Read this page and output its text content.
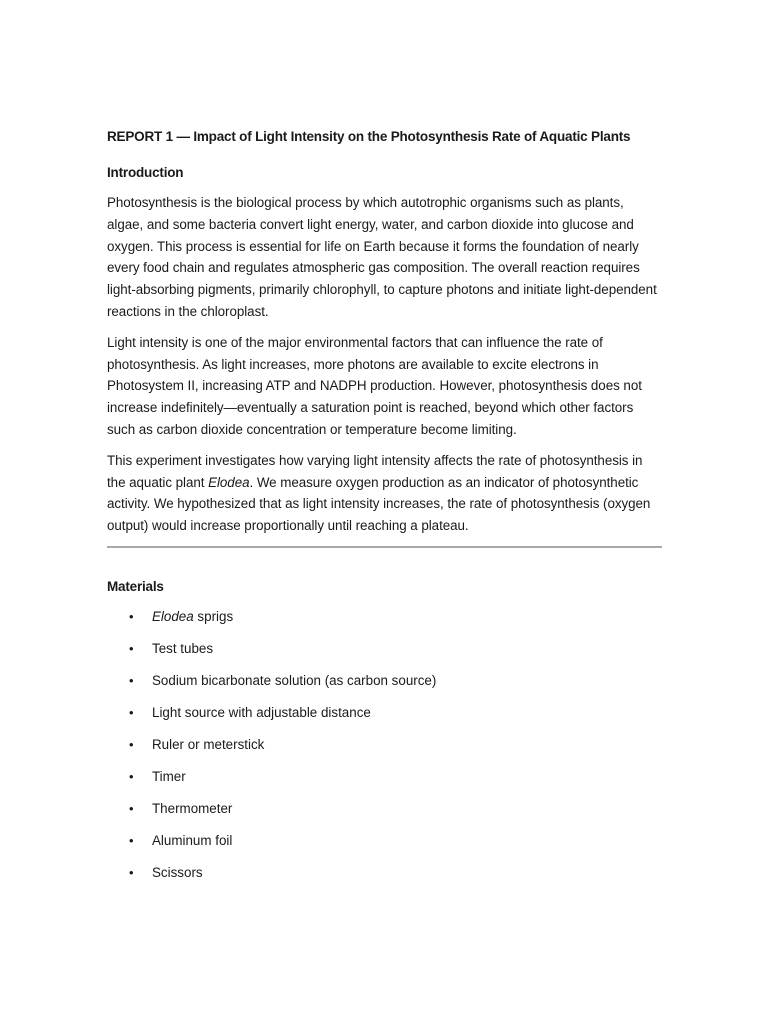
REPORT 1 — Impact of Light Intensity on the Photosynthesis Rate of Aquatic Plants
Introduction

Photosynthesis is the biological process by which autotrophic organisms such as plants, algae, and some bacteria convert light energy, water, and carbon dioxide into glucose and oxygen. This process is essential for life on Earth because it forms the foundation of nearly every food chain and regulates atmospheric gas composition. The overall reaction requires light-absorbing pigments, primarily chlorophyll, to capture photons and initiate light-dependent reactions in the chloroplast.

Light intensity is one of the major environmental factors that can influence the rate of photosynthesis. As light increases, more photons are available to excite electrons in Photosystem II, increasing ATP and NADPH production. However, photosynthesis does not increase indefinitely—eventually a saturation point is reached, beyond which other factors such as carbon dioxide concentration or temperature become limiting.

This experiment investigates how varying light intensity affects the rate of photosynthesis in the aquatic plant Elodea. We measure oxygen production as an indicator of photosynthetic activity. We hypothesized that as light intensity increases, the rate of photosynthesis (oxygen output) would increase proportionally until reaching a plateau.

Materials
• Elodea sprigs
• Test tubes
• Sodium bicarbonate solution (as carbon source)
• Light source with adjustable distance
• Ruler or meterstick
• Timer
• Thermometer
• Aluminum foil
• Scissors
